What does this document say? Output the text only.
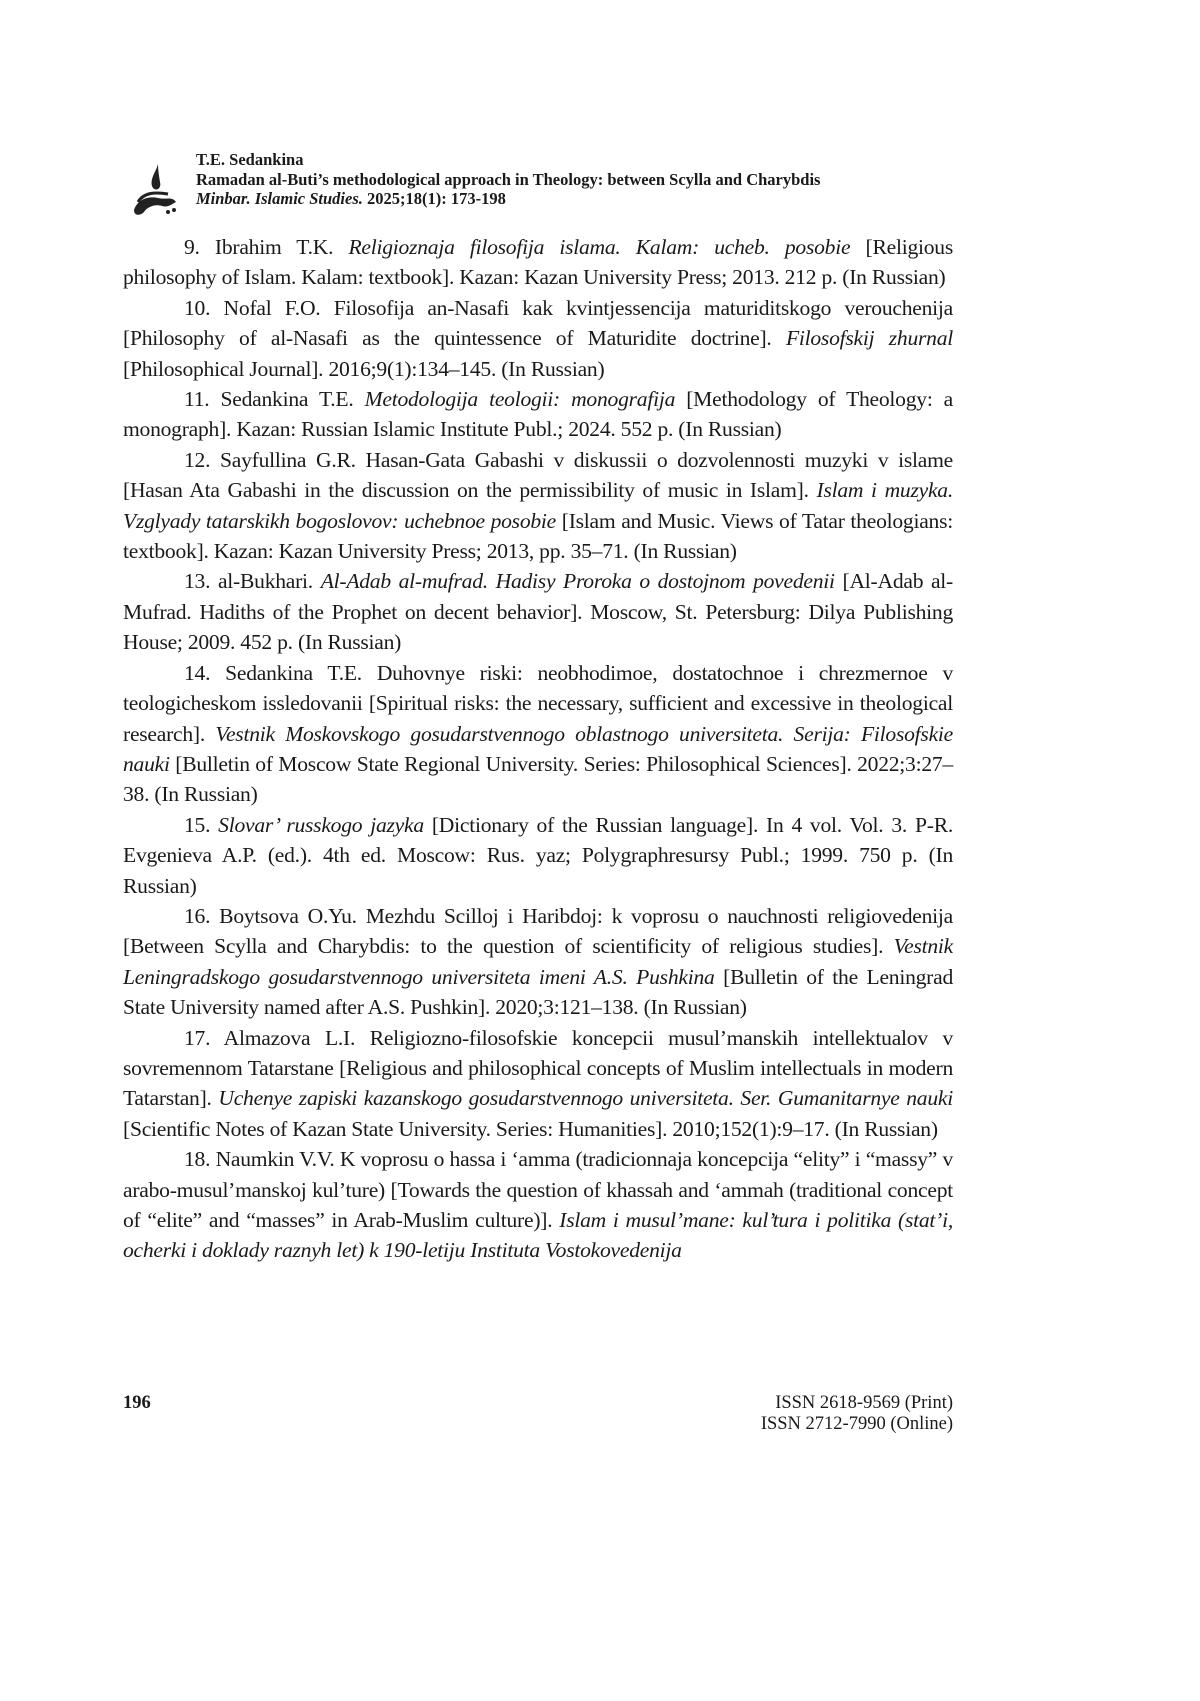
T.E. Sedankina
Ramadan al-Buti’s methodological approach in Theology: between Scylla and Charybdis
Minbar. Islamic Studies. 2025;18(1): 173-198

9. Ibrahim T.K. Religioznaja filosofija islama. Kalam: ucheb. posobie [Religious philosophy of Islam. Kalam: textbook]. Kazan: Kazan University Press; 2013. 212 p. (In Russian)

10. Nofal F.O. Filosofija an-Nasafi kak kvintjessencija maturiditskogo verouchenija [Philosophy of al-Nasafi as the quintessence of Maturidite doctrine]. Filosofskij zhurnal [Philosophical Journal]. 2016;9(1):134–145. (In Russian)

11. Sedankina T.E. Metodologija teologii: monografija [Methodology of Theology: a monograph]. Kazan: Russian Islamic Institute Publ.; 2024. 552 p. (In Russian)

12. Sayfullina G.R. Hasan-Gata Gabashi v diskussii o dozvolennosti muzyki v islame [Hasan Ata Gabashi in the discussion on the permissibility of music in Islam]. Islam i muzyka. Vzglyady tatarskikh bogoslovov: uchebnoe posobie [Islam and Music. Views of Tatar theologians: textbook]. Kazan: Kazan University Press; 2013, pp. 35–71. (In Russian)

13. al-Bukhari. Al-Adab al-mufrad. Hadisy Proroka o dostojnom povedenii [Al-Adab al-Mufrad. Hadiths of the Prophet on decent behavior]. Moscow, St. Petersburg: Dilya Publishing House; 2009. 452 p. (In Russian)

14. Sedankina T.E. Duhovnye riski: neobhodimoe, dostatochnoe i chrezmernoe v teologicheskom issledovanii [Spiritual risks: the necessary, sufficient and excessive in theological research]. Vestnik Moskovskogo gosudarstvennogo oblastnogo universiteta. Serija: Filosofskie nauki [Bulletin of Moscow State Regional University. Series: Philosophical Sciences]. 2022;3:27–38. (In Russian)

15. Slovar’ russkogo jazyka [Dictionary of the Russian language]. In 4 vol. Vol. 3. P-R. Evgenieva A.P. (ed.). 4th ed. Moscow: Rus. yaz; Polygraphresursy Publ.; 1999. 750 p. (In Russian)

16. Boytsova O.Yu. Mezhdu Scilloj i Haribdoj: k voprosu o nauchnosti religiovedenija [Between Scylla and Charybdis: to the question of scientificity of religious studies]. Vestnik Leningradskogo gosudarstvennogo universiteta imeni A.S. Pushkina [Bulletin of the Leningrad State University named after A.S. Pushkin]. 2020;3:121–138. (In Russian)

17. Almazova L.I. Religiozno-filosofskie koncepcii musul’manskih intellektualov v sovremennom Tatarstane [Religious and philosophical concepts of Muslim intellectuals in modern Tatarstan]. Uchenye zapiski kazanskogo gosudarstvennogo universiteta. Ser. Gumanitarnye nauki [Scientific Notes of Kazan State University. Series: Humanities]. 2010;152(1):9–17. (In Russian)

18. Naumkin V.V. K voprosu o hassa i ‘amma (tradicionnaja koncepcija “elity” i “massy” v arabo-musul’manskoj kul’ture) [Towards the question of khassah and ‘ammah (traditional concept of “elite” and “masses” in Arab-Muslim culture)]. Islam i musul’mane: kul’tura i politika (stat’i, ocherki i doklady raznyh let) k 190-letiju Instituta Vostokovedenija

196	ISSN 2618-9569 (Print)
ISSN 2712-7990 (Online)
